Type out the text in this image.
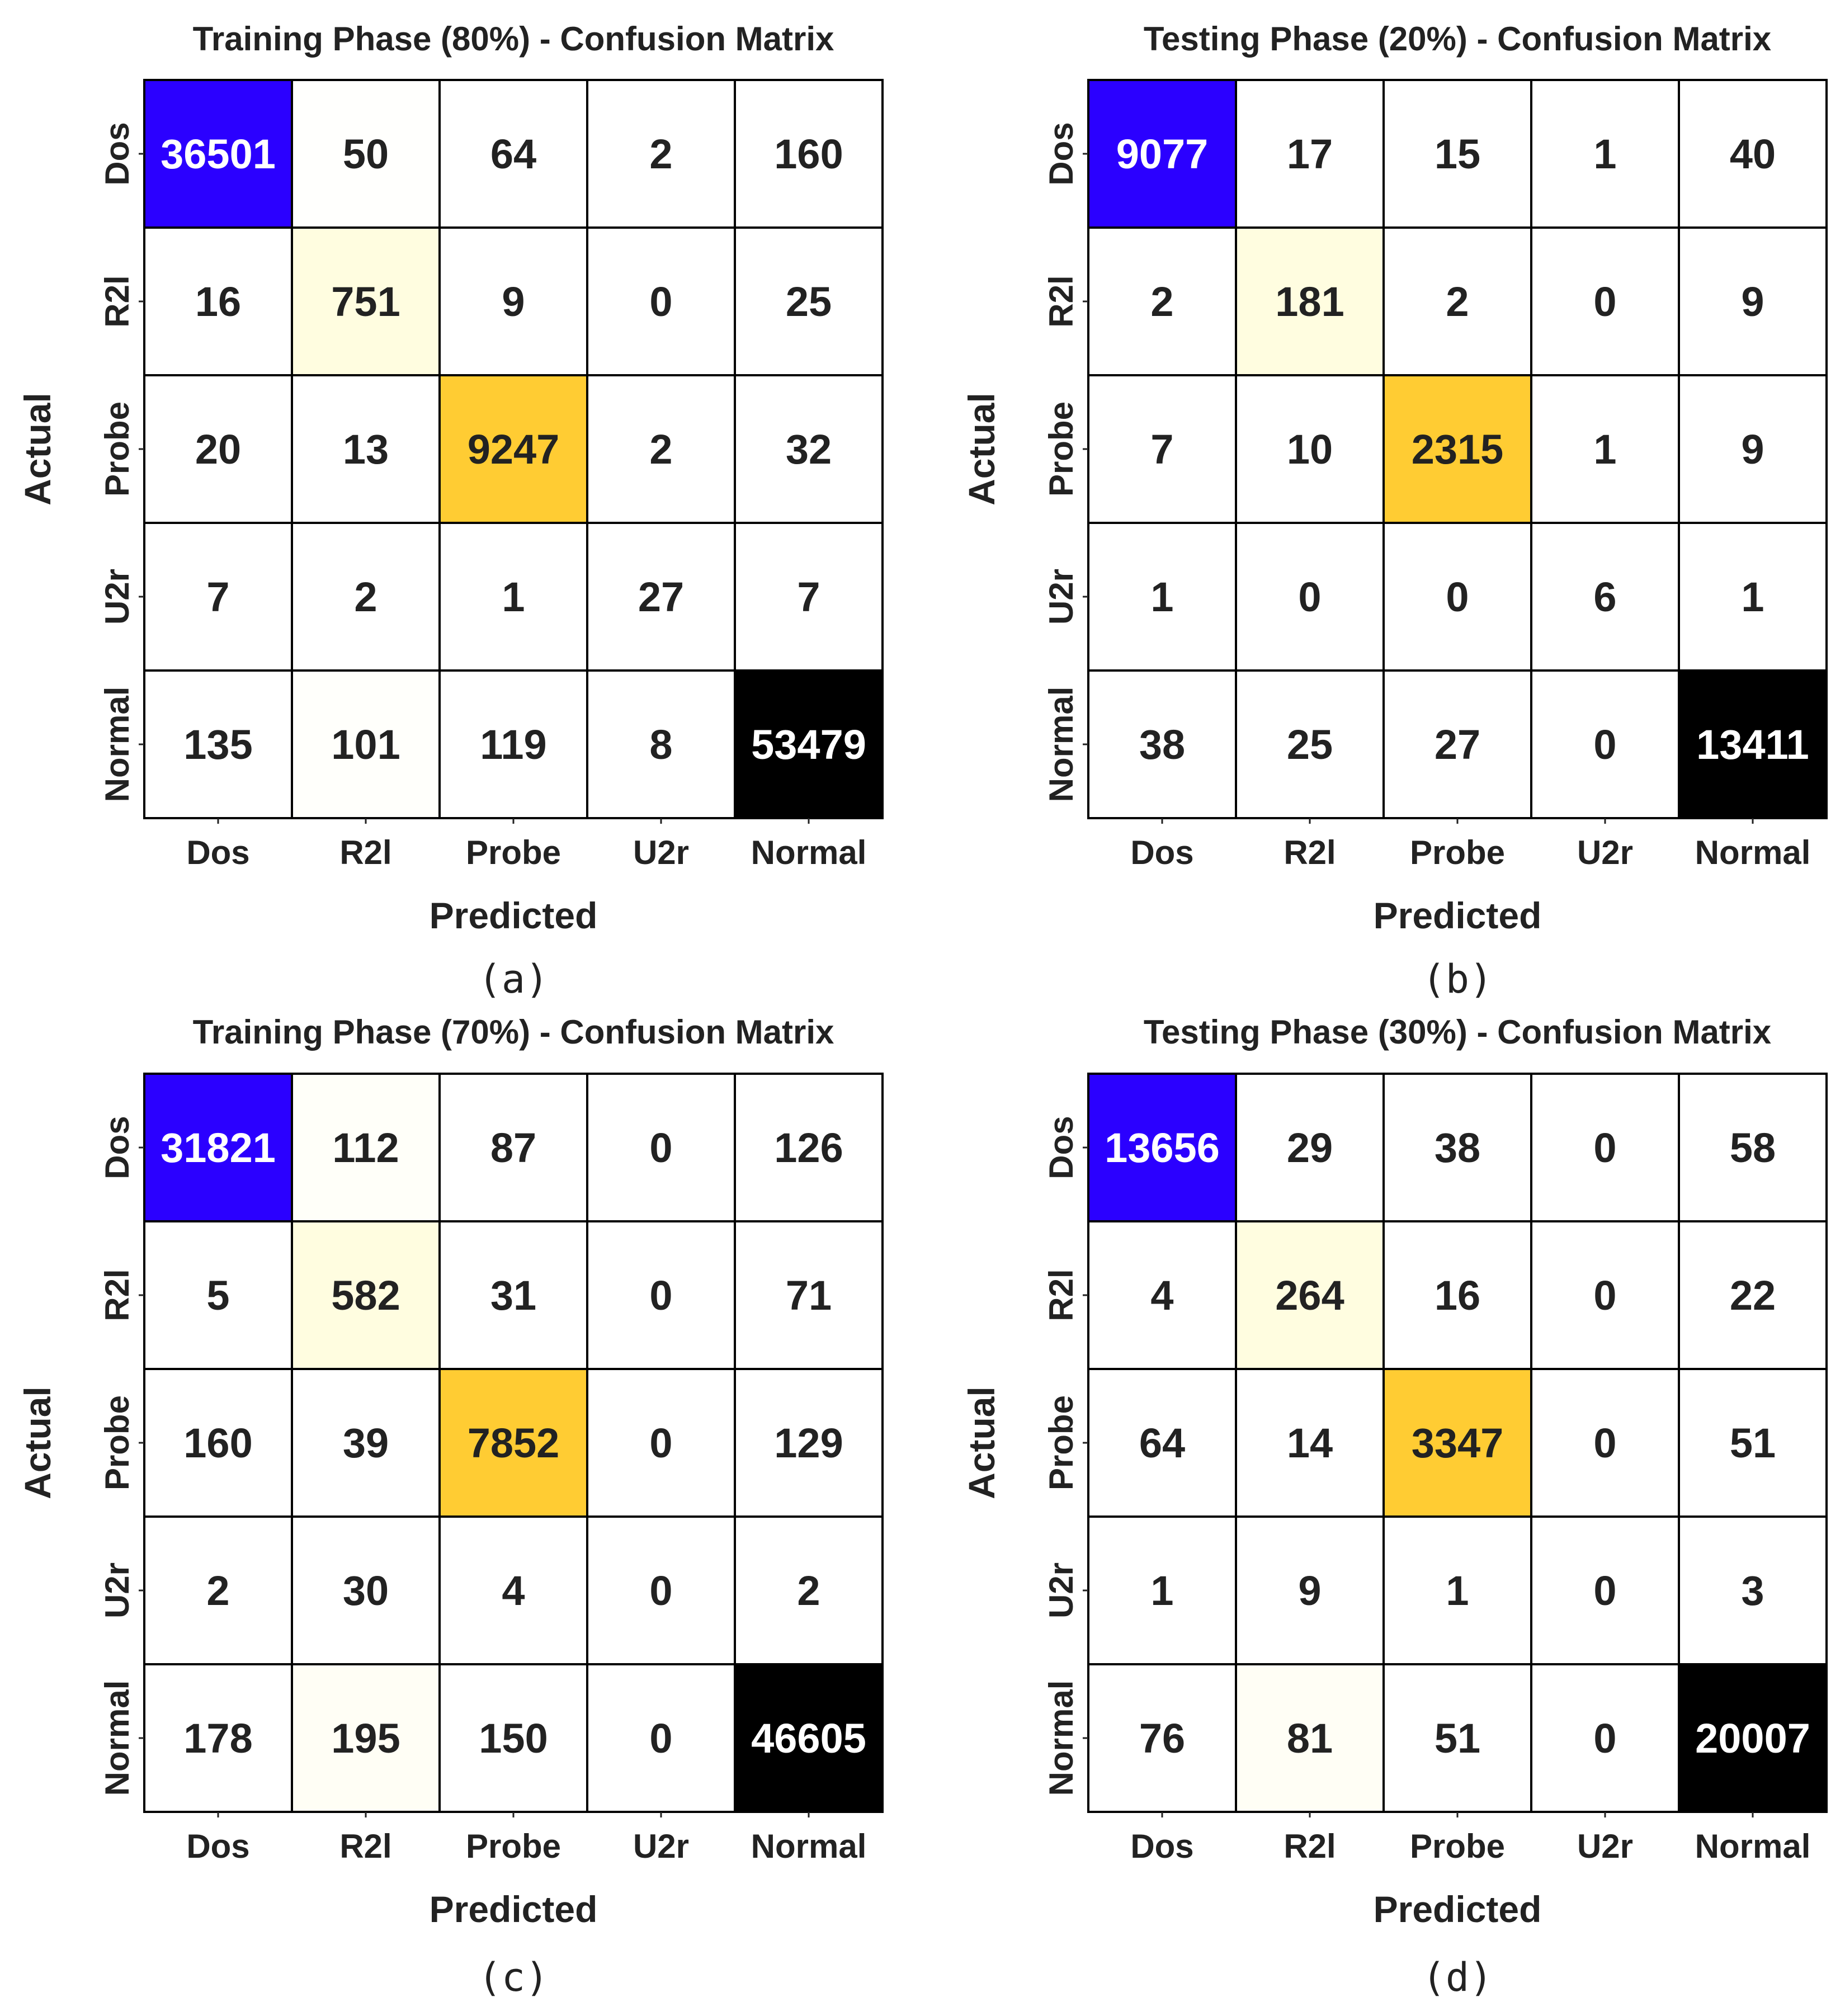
Training Phase (80%) - Confusion Matrix
36501 50 64	2 160
16 751 9	0	25
20 13 9247 2	32
7	2	1	27	7
135 101 119 8 53479
Dos	R2l Probe U2r Normal
Dos
R2l
Probe
U2r
Normal
Predicted
Actual
(a)
Testing Phase (20%) - Confusion Matrix
9077 17 15	1	40
2 181 2	0	9
7	10 2315 1	9
1	0	0	6	1
38 25 27	0 13411
Dos	R2l Probe U2r Normal
Dos
R2l
Probe
U2r
Normal
Predicted
Actual
(b)
Training Phase (70%) - Confusion Matrix
31821 112 87	0 126
5 582 31	0	71
160 39 7852 0 129
2	30	4	0	2
178 195 150 0 46605
Dos	R2l Probe U2r Normal
Dos
R2l
Probe
U2r
Normal
Predicted
Actual
(c)
Testing Phase (30%) - Confusion Matrix
13656 29 38	0	58
4 264 16	0	22
64 14 3347 0	51
1	9	1	0	3
76 81 51	0 20007
Dos	R2l Probe U2r Normal
Dos
R2l
Probe
U2r
Normal
Predicted
Actual
(d)
